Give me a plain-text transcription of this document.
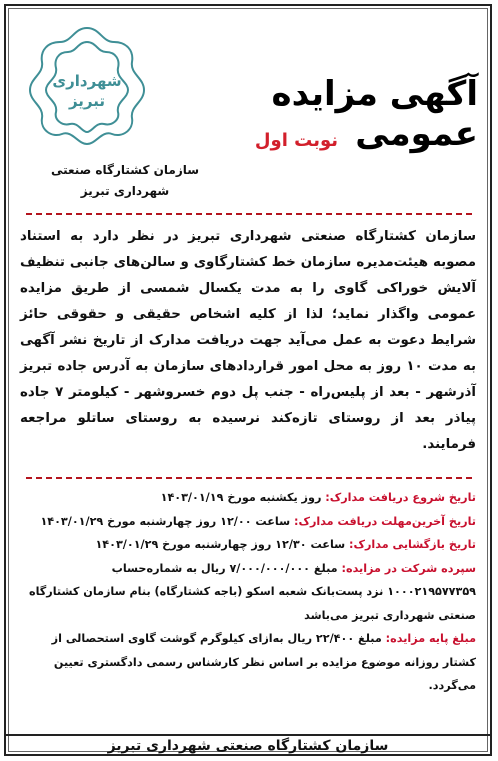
شهرداری
تبریز	آگهی مزایده عمومی
نوبت اول
سازمان کشتارگاه صنعتی
شهرداری تبریز
سازمان کشتارگاه صنعتی شهرداری تبریز در نظر دارد به استناد مصوبه هیئت‌مدیره سازمان خط کشتارگاوی و سالن‌های جانبی تنظیف آلایش خوراکی گاوی را به مدت یکسال شمسی از طریق مزایده عمومی واگذار نماید؛ لذا از کلیه اشخاص حقیقی و حقوقی حائز شرایط دعوت به عمل می‌آید جهت دریافت مدارک از تاریخ نشر آگهی به مدت ۱۰ روز به محل امور قراردادهای سازمان به آدرس جاده تبریز آذرشهر - بعد از پلیس‌راه - جنب پل دوم خسروشهر - کیلومتر ۷ جاده پیاذر بعد از روستای تازه‌کند نرسیده به روستای ساتلو مراجعه فرمایند.

تاریخ شروع دریافت مدارک: روز یکشنبه مورخ ۱۴۰۳/۰۱/۱۹

تاریخ آخرین‌مهلت دریافت مدارک: ساعت ۱۲/۰۰ روز چهارشنبه مورخ ۱۴۰۳/۰۱/۲۹

تاریخ بازگشایی مدارک: ساعت ۱۲/۳۰ روز چهارشنبه مورخ ۱۴۰۳/۰۱/۲۹

سپرده شرکت در مزایده: مبلغ ۷/۰۰۰/۰۰۰/۰۰۰ ریال به شماره‌حساب ۱۰۰۰۲۱۹۵۷۷۳۵۹ نزد پست‌بانک شعبه اسکو (باجه کشتارگاه) بنام سازمان کشتارگاه صنعتی شهرداری تبریز می‌باشد

مبلغ پایه مزایده: مبلغ ۲۲/۴۰۰ ریال به‌ازای کیلوگرم گوشت گاوی استحصالی از کشتار روزانه موضوع مزایده بر اساس نظر کارشناس رسمی دادگستری تعیین می‌گردد.

سازمان کشتارگاه صنعتی شهرداری تبریز
